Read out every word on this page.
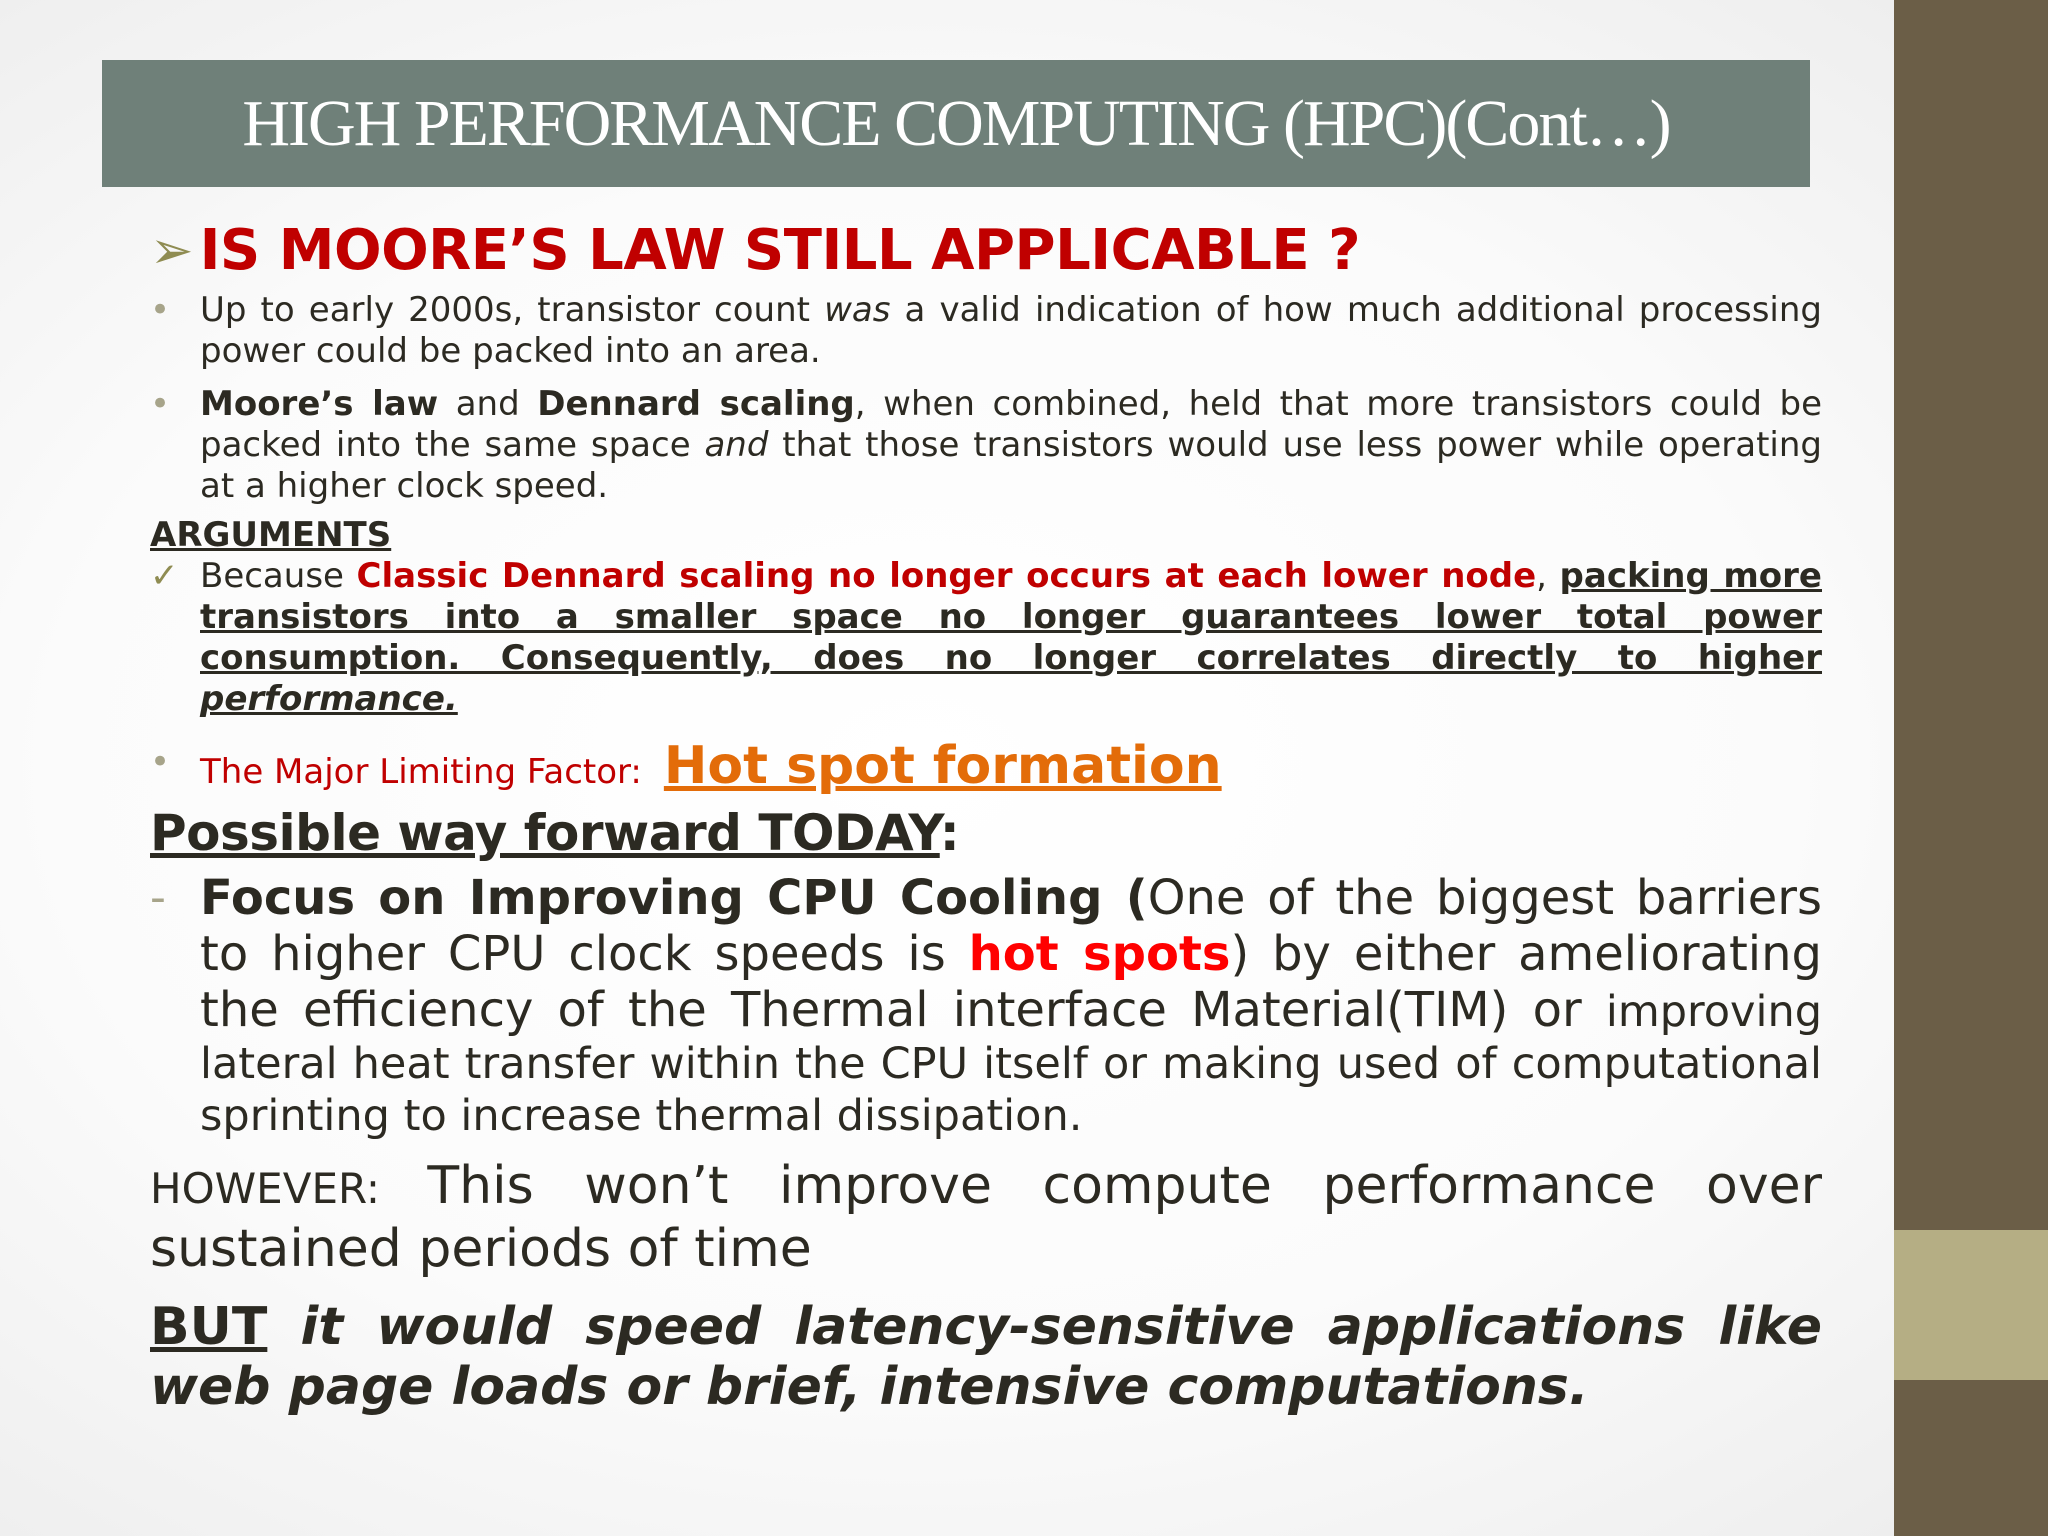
HIGH PERFORMANCE COMPUTING (HPC)(Cont…)
➢ IS MOORE’S LAW STILL APPLICABLE ?
• Up to early 2000s, transistor count was a valid indication of how much additional processing power could be packed into an area.
• Moore’s law and Dennard scaling, when combined, held that more transistors could be packed into the same space and that those transistors would use less power while operating at a higher clock speed.
ARGUMENTS
✓ Because Classic Dennard scaling no longer occurs at each lower node, packing more transistors into a smaller space no longer guarantees lower total power consumption. Consequently, does no longer correlates directly to higher performance.
• The Major Limiting Factor: Hot spot formation
Possible way forward TODAY:
- Focus on Improving CPU Cooling (One of the biggest barriers to higher CPU clock speeds is hot spots) by either ameliorating the efficiency of the Thermal interface Material(TIM) or improving lateral heat transfer within the CPU itself or making used of computational sprinting to increase thermal dissipation.
HOWEVER: This won’t improve compute performance over sustained periods of time
BUT it would speed latency-sensitive applications like web page loads or brief, intensive computations.
